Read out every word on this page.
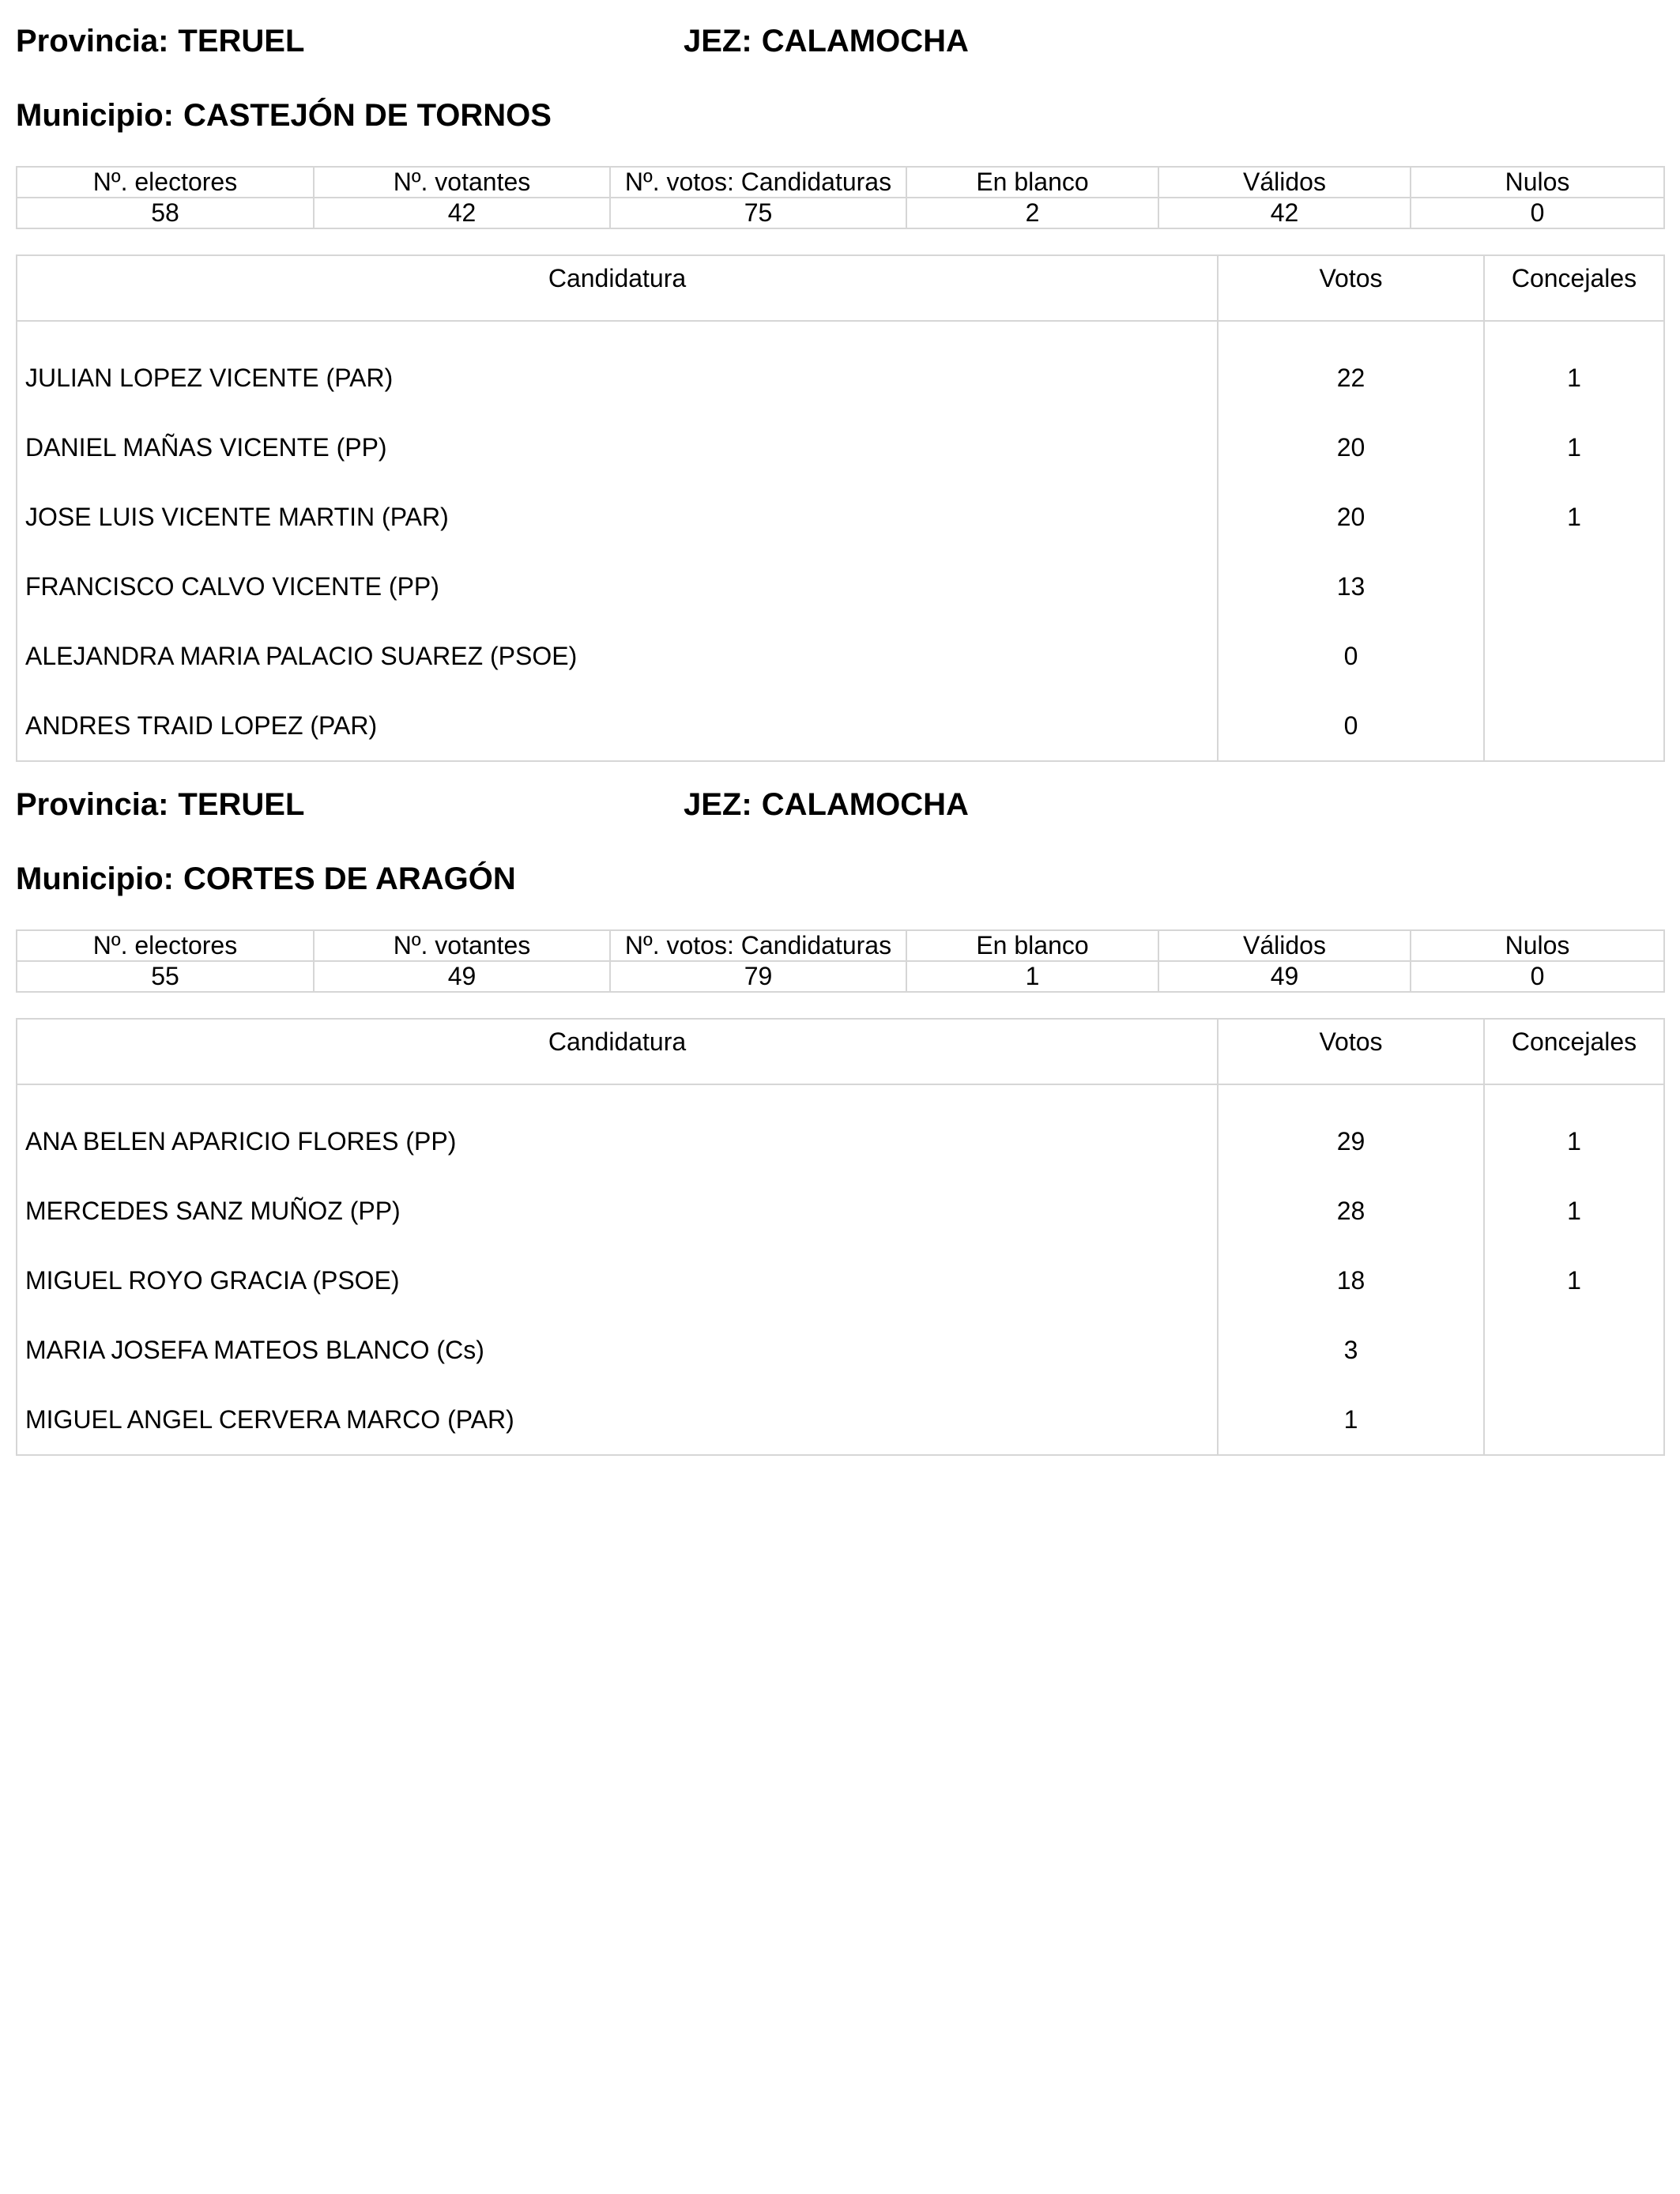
Provincia: TERUEL	JEZ: CALAMOCHA
Municipio: CASTEJÓN DE TORNOS
Nº. electores	Nº. votantes	Nº. votos: Candidaturas	En blanco	Válidos	Nulos
58	42	75	2	42	0
Candidatura	Votos	Concejales
JULIAN LOPEZ VICENTE (PAR)	22	1
DANIEL MAÑAS VICENTE (PP)	20	1
JOSE LUIS VICENTE MARTIN (PAR)	20	1
FRANCISCO CALVO VICENTE (PP)	13	
ALEJANDRA MARIA PALACIO SUAREZ (PSOE)	0	
ANDRES TRAID LOPEZ (PAR)	0	
Provincia: TERUEL	JEZ: CALAMOCHA
Municipio: CORTES DE ARAGÓN
Nº. electores	Nº. votantes	Nº. votos: Candidaturas	En blanco	Válidos	Nulos
55	49	79	1	49	0
Candidatura	Votos	Concejales
ANA BELEN APARICIO FLORES (PP)	29	1
MERCEDES SANZ MUÑOZ (PP)	28	1
MIGUEL ROYO GRACIA (PSOE)	18	1
MARIA JOSEFA MATEOS BLANCO (Cs)	3	
MIGUEL ANGEL CERVERA MARCO (PAR)	1	
